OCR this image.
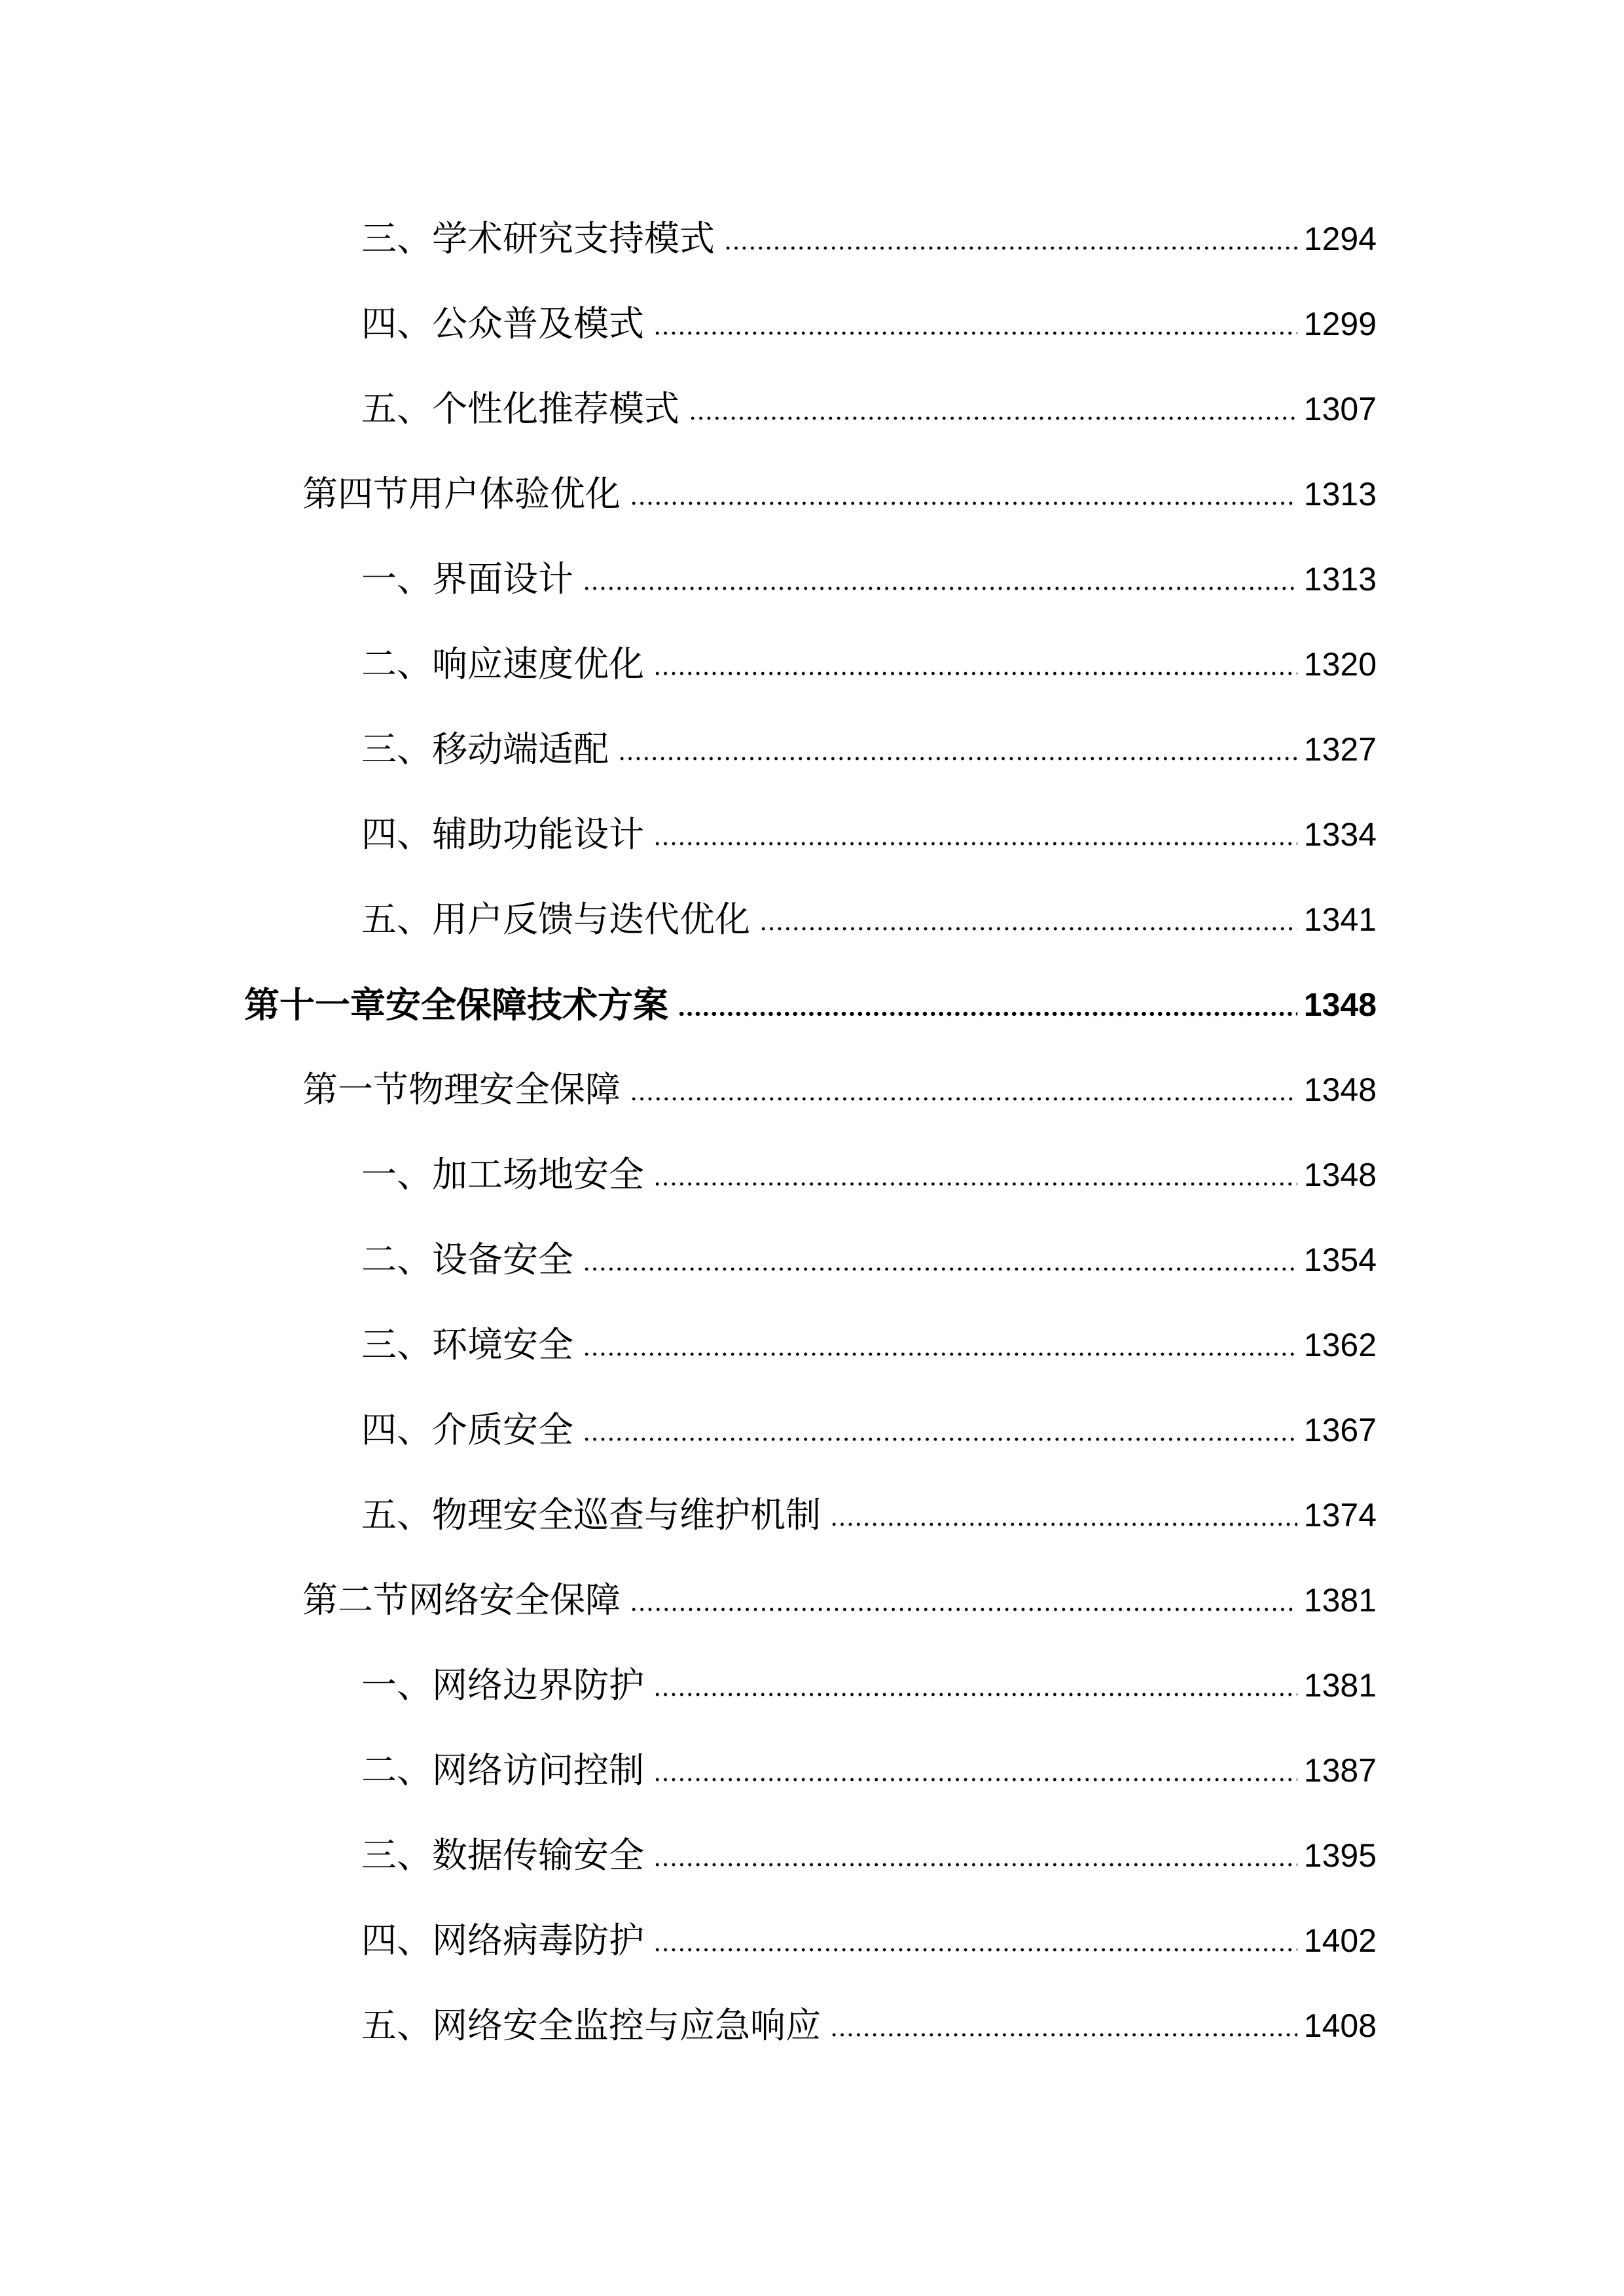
三、学术研究支持模式	1294
四、公众普及模式	1299
五、个性化推荐模式	1307
第四节用户体验优化	1313
一、界面设计	1313
二、响应速度优化	1320
三、移动端适配	1327
四、辅助功能设计	1334
五、用户反馈与迭代优化	1341
第十一章安全保障技术方案	1348
第一节物理安全保障	1348
一、加工场地安全	1348
二、设备安全	1354
三、环境安全	1362
四、介质安全	1367
五、物理安全巡查与维护机制	1374
第二节网络安全保障	1381
一、网络边界防护	1381
二、网络访问控制	1387
三、数据传输安全	1395
四、网络病毒防护	1402
五、网络安全监控与应急响应	1408
